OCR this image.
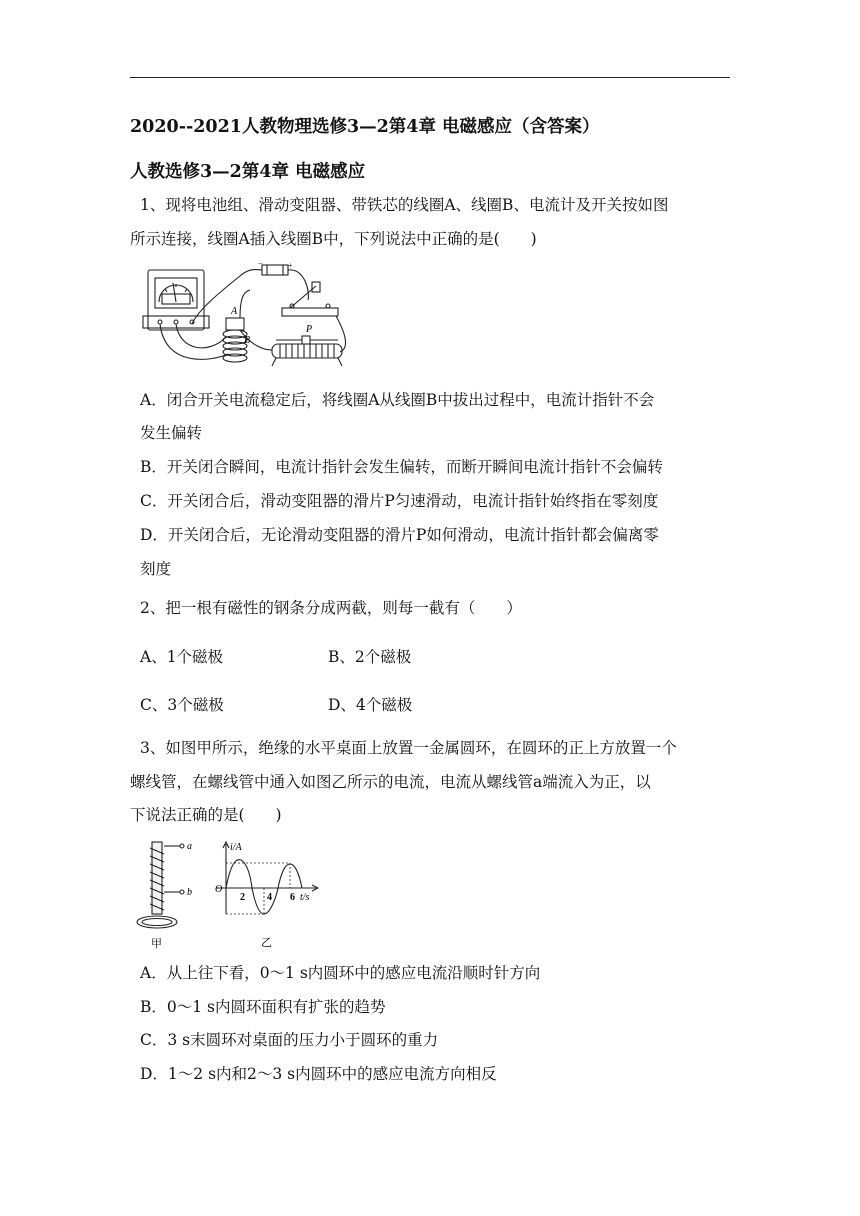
2020--2021人教物理选修3—2第4章 电磁感应（含答案）
人教选修3—2第4章 电磁感应
1、现将电池组、滑动变阻器、带铁芯的线圈A、线圈B、电流计及开关按如图
所示连接，线圈A插入线圈B中，下列说法中正确的是(　　)
−	+
A
B
P
A．闭合开关电流稳定后，将线圈A从线圈B中拔出过程中，电流计指针不会
发生偏转
B．开关闭合瞬间，电流计指针会发生偏转，而断开瞬间电流计指针不会偏转
C．开关闭合后，滑动变阻器的滑片P匀速滑动，电流计指针始终指在零刻度
D．开关闭合后，无论滑动变阻器的滑片P如何滑动，电流计指针都会偏离零
刻度
2、把一根有磁性的钢条分成两截，则每一截有（　　）
A、1个磁极	B、2个磁极
C、3个磁极	D、4个磁极
3、如图甲所示，绝缘的水平桌面上放置一金属圆环，在圆环的正上方放置一个
螺线管，在螺线管中通入如图乙所示的电流，电流从螺线管a端流入为正，以
下说法正确的是(　　)
a
b
甲
i/A
O
2 4 6 t/s
乙
A．从上往下看，0～1 s内圆环中的感应电流沿顺时针方向
B．0～1 s内圆环面积有扩张的趋势
C．3 s末圆环对桌面的压力小于圆环的重力
D．1～2 s内和2～3 s内圆环中的感应电流方向相反
